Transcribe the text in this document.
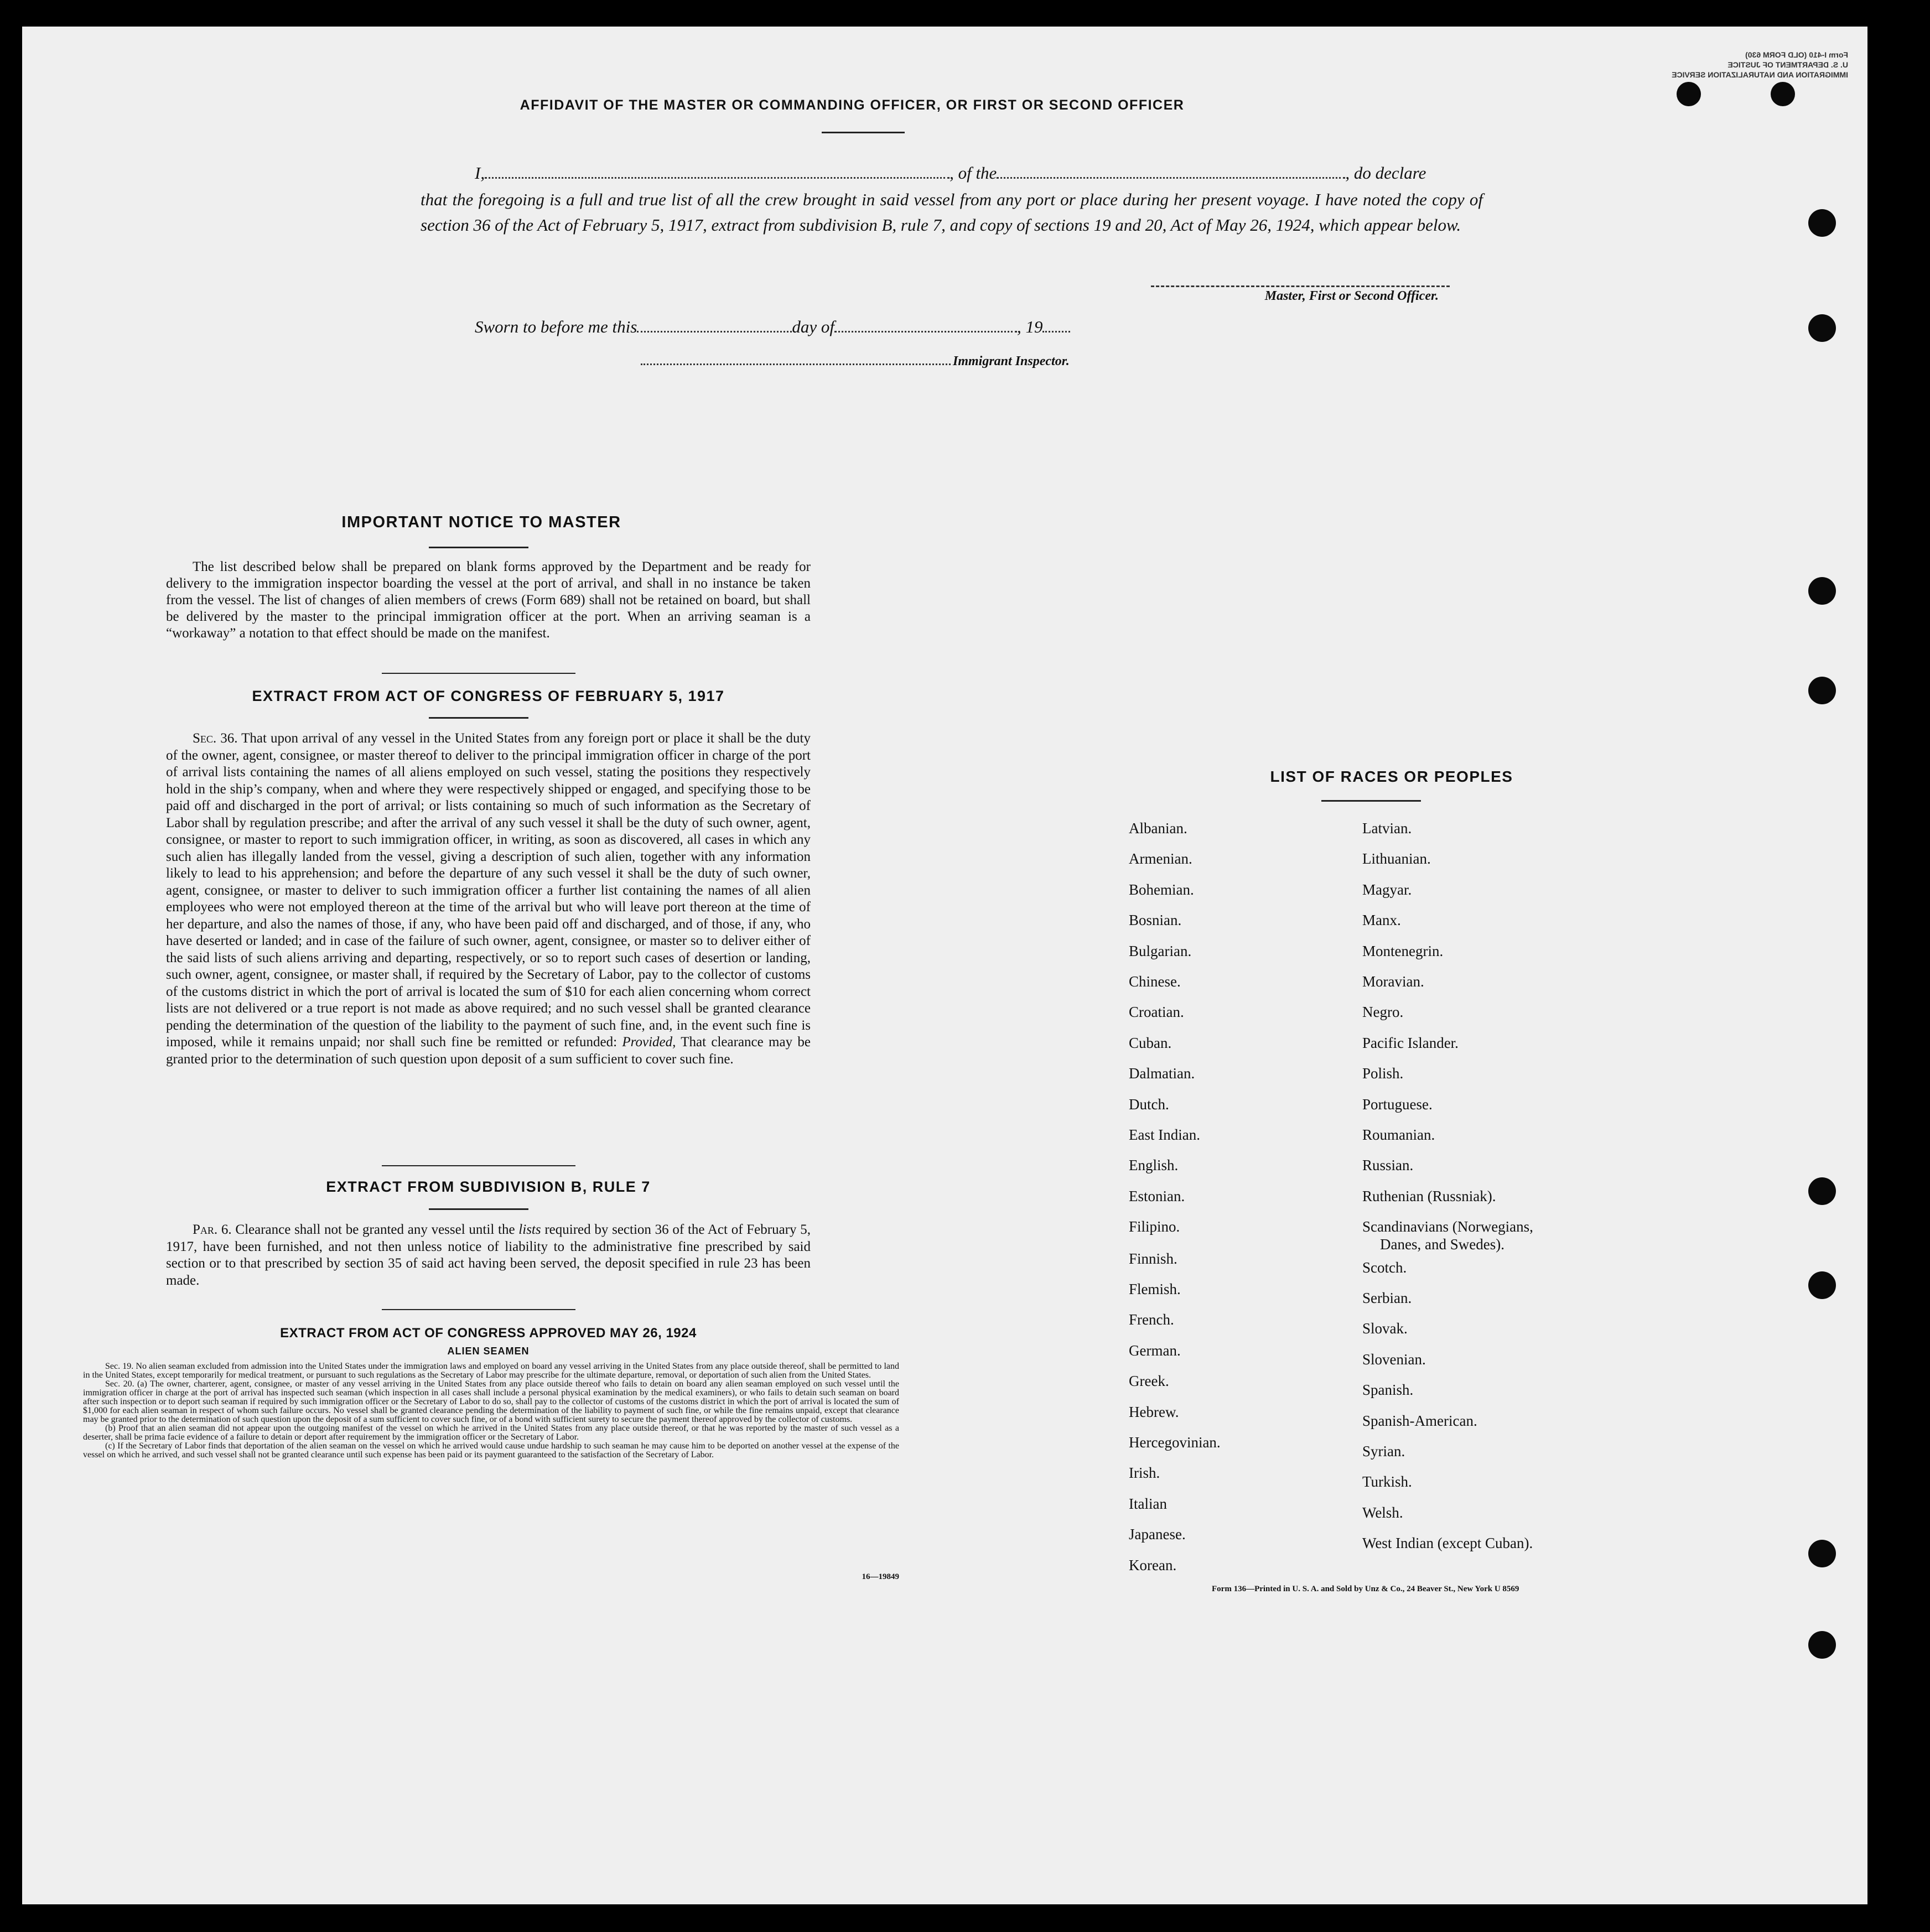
Form I-410 (OLD FORM 630)
U. S. DEPARTMENT OF JUSTICE
IMMIGRATION AND NATURALIZATION SERVICE
AFFIDAVIT OF THE MASTER OR COMMANDING OFFICER, OR FIRST OR SECOND OFFICER
I,	, of the	, do declare
that the foregoing is a full and true list of all the crew brought in said vessel from any port or place during her present voyage. I have noted the copy of section 36 of the Act of February 5, 1917, extract from subdivision B, rule 7, and copy of sections 19 and 20, Act of May 26, 1924, which appear below.
Master, First or Second Officer.
Sworn to before me this	day of	, 19
Immigrant Inspector.
IMPORTANT NOTICE TO MASTER
The list described below shall be prepared on blank forms approved by the Department and be ready for delivery to the immigration inspector boarding the vessel at the port of arrival, and shall in no instance be taken from the vessel. The list of changes of alien members of crews (Form 689) shall not be retained on board, but shall be delivered by the master to the principal immigration officer at the port. When an arriving seaman is a “workaway” a notation to that effect should be made on the manifest.
EXTRACT FROM ACT OF CONGRESS OF FEBRUARY 5, 1917
Sec. 36. That upon arrival of any vessel in the United States from any foreign port or place it shall be the duty of the owner, agent, consignee, or master thereof to deliver to the principal immigration officer in charge of the port of arrival lists containing the names of all aliens employed on such vessel, stating the positions they respectively hold in the ship’s company, when and where they were respectively shipped or engaged, and specifying those to be paid off and discharged in the port of arrival; or lists containing so much of such information as the Secretary of Labor shall by regulation prescribe; and after the arrival of any such vessel it shall be the duty of such owner, agent, consignee, or master to report to such immigration officer, in writing, as soon as discovered, all cases in which any such alien has illegally landed from the vessel, giving a description of such alien, together with any information likely to lead to his apprehension; and before the departure of any such vessel it shall be the duty of such owner, agent, consignee, or master to deliver to such immigration officer a further list containing the names of all alien employees who were not employed thereon at the time of the arrival but who will leave port thereon at the time of her departure, and also the names of those, if any, who have been paid off and discharged, and of those, if any, who have deserted or landed; and in case of the failure of such owner, agent, consignee, or master so to deliver either of the said lists of such aliens arriving and departing, respectively, or so to report such cases of desertion or landing, such owner, agent, consignee, or master shall, if required by the Secretary of Labor, pay to the collector of customs of the customs district in which the port of arrival is located the sum of $10 for each alien concerning whom correct lists are not delivered or a true report is not made as above required; and no such vessel shall be granted clearance pending the determination of the question of the liability to the payment of such fine, and, in the event such fine is imposed, while it remains unpaid; nor shall such fine be remitted or refunded: Provided, That clearance may be granted prior to the determination of such question upon deposit of a sum sufficient to cover such fine.
EXTRACT FROM SUBDIVISION B, RULE 7
Par. 6. Clearance shall not be granted any vessel until the lists required by section 36 of the Act of February 5, 1917, have been furnished, and not then unless notice of liability to the administrative fine prescribed by said section or to that prescribed by section 35 of said act having been served, the deposit specified in rule 23 has been made.
EXTRACT FROM ACT OF CONGRESS APPROVED MAY 26, 1924
ALIEN SEAMEN
Sec. 19. No alien seaman excluded from admission into the United States under the immigration laws and employed on board any vessel arriving in the United States from any place outside thereof, shall be permitted to land in the United States, except temporarily for medical treatment, or pursuant to such regulations as the Secretary of Labor may prescribe for the ultimate departure, removal, or deportation of such alien from the United States.
Sec. 20. (a) The owner, charterer, agent, consignee, or master of any vessel arriving in the United States from any place outside thereof who fails to detain on board any alien seaman employed on such vessel until the immigration officer in charge at the port of arrival has inspected such seaman (which inspection in all cases shall include a personal physical examination by the medical examiners), or who fails to detain such seaman on board after such inspection or to deport such seaman if required by such immigration officer or the Secretary of Labor to do so, shall pay to the collector of customs of the customs district in which the port of arrival is located the sum of $1,000 for each alien seaman in respect of whom such failure occurs. No vessel shall be granted clearance pending the determination of the liability to payment of such fine, or while the fine remains unpaid, except that clearance may be granted prior to the determination of such question upon the deposit of a sum sufficient to cover such fine, or of a bond with sufficient surety to secure the payment thereof approved by the collector of customs.
(b) Proof that an alien seaman did not appear upon the outgoing manifest of the vessel on which he arrived in the United States from any place outside thereof, or that he was reported by the master of such vessel as a deserter, shall be prima facie evidence of a failure to detain or deport after requirement by the immigration officer or the Secretary of Labor.
(c) If the Secretary of Labor finds that deportation of the alien seaman on the vessel on which he arrived would cause undue hardship to such seaman he may cause him to be deported on another vessel at the expense of the vessel on which he arrived, and such vessel shall not be granted clearance until such expense has been paid or its payment guaranteed to the satisfaction of the Secretary of Labor.
16—19849
LIST OF RACES OR PEOPLES
Albanian.
Armenian.
Bohemian.
Bosnian.
Bulgarian.
Chinese.
Croatian.
Cuban.
Dalmatian.
Dutch.
East Indian.
English.
Estonian.
Filipino.
Finnish.
Flemish.
French.
German.
Greek.
Hebrew.
Hercegovinian.
Irish.
Italian
Japanese.
Korean.
Latvian.
Lithuanian.
Magyar.
Manx.
Montenegrin.
Moravian.
Negro.
Pacific Islander.
Polish.
Portuguese.
Roumanian.
Russian.
Ruthenian (Russniak).
Scandinavians (Norwegians,
Danes, and Swedes).
Scotch.
Serbian.
Slovak.
Slovenian.
Spanish.
Spanish-American.
Syrian.
Turkish.
Welsh.
West Indian (except Cuban).
Form 136—Printed in U. S. A. and Sold by Unz & Co., 24 Beaver St., New York U 8569
